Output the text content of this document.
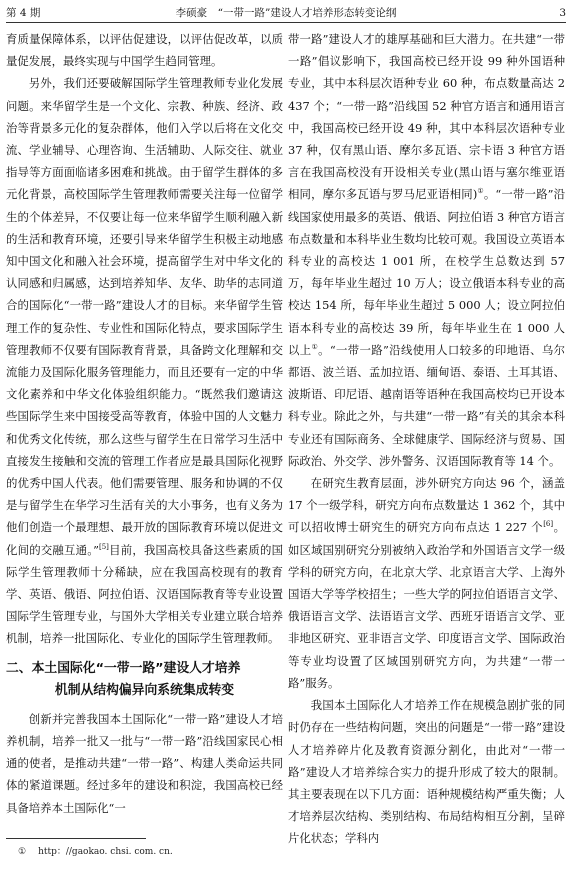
第 4 期	李硕豪　“一带一路”建设人才培养形态转变论纲	3

育质量保障体系，以评估促建设，以评估促改革，以质量促发展，最终实现与中国学生趋同管理。

另外，我们还要破解国际学生管理教师专业化发展问题。来华留学生是一个文化、宗教、种族、经济、政治等背景多元化的复杂群体，他们入学以后将在文化交流、学业辅导、心理咨询、生活辅助、人际交往、就业指导等方面面临诸多困难和挑战。由于留学生群体的多元化背景，高校国际学生管理教师需要关注每一位留学生的个体差异，不仅要让每一位来华留学生顺利融入新的生活和教育环境，还要引导来华留学生积极主动地感知中国文化和融入社会环境，提高留学生对中华文化的认同感和归属感，达到培养知华、友华、助华的志同道合的国际化“一带一路”建设人才的目标。来华留学生管理工作的复杂性、专业性和国际化特点，要求国际学生管理教师不仅要有国际教育背景，具备跨文化理解和交流能力及国际化服务管理能力，而且还要有一定的中华文化素养和中华文化体验组织能力。“既然我们邀请这些国际学生来中国接受高等教育，体验中国的人文魅力和优秀文化传统，那么这些与留学生在日常学习生活中直接发生接触和交流的管理工作者应是最具国际化视野的优秀中国人代表。他们需要管理、服务和协调的不仅是与留学生在华学习生活有关的大小事务，也有义务为他们创造一个最理想、最开放的国际教育环境以促进文化间的交融互通。”[5]目前，我国高校具备这些素质的国际学生管理教师十分稀缺，应在我国高校现有的教育学、英语、俄语、阿拉伯语、汉语国际教育等专业设置国际学生管理专业，与国外大学相关专业建立联合培养机制，培养一批国际化、专业化的国际学生管理教师。

二、本土国际化“一带一路”建设人才培养
机制从结构偏异向系统集成转变

创新并完善我国本土国际化“一带一路”建设人才培养机制，培养一批又一批与“一带一路”沿线国家民心相通的使者，是推动共建“一带一路”、构建人类命运共同体的紧道课题。经过多年的建设和积淀，我国高校已经具备培养本土国际化“一

带一路”建设人才的雄厚基础和巨大潜力。在共建“一带一路”倡议影响下，我国高校已经开设 99 种外国语种专业，其中本科层次语种专业 60 种，布点数量高达 2 437 个；“一带一路”沿线国 52 种官方语言和通用语言中，我国高校已经开设 49 种，其中本科层次语种专业 37 种，仅有黑山语、摩尔多瓦语、宗卡语 3 种官方语言在我国高校没有开设相关专业(黑山语与塞尔维亚语相同，摩尔多瓦语与罗马尼亚语相同)①。“一带一路”沿线国家使用最多的英语、俄语、阿拉伯语 3 种官方语言布点数量和本科毕业生数均比较可观。我国设立英语本科专业的高校达 1 001 所，在校学生总数达到 57 万，每年毕业生超过 10 万人；设立俄语本科专业的高校达 154 所，每年毕业生超过 5 000 人；设立阿拉伯语本科专业的高校达 39 所，每年毕业生在 1 000 人以上①。“一带一路”沿线使用人口较多的印地语、乌尔都语、波兰语、孟加拉语、缅甸语、泰语、土耳其语、波斯语、印尼语、越南语等语种在我国高校均已开设本科专业。除此之外，与共建“一带一路”有关的其余本科专业还有国际商务、全球健康学、国际经济与贸易、国际政治、外交学、涉外警务、汉语国际教育等 14 个。

在研究生教育层面，涉外研究方向达 96 个，涵盖 17 个一级学科，研究方向布点数量达 1 362 个，其中可以招收博士研究生的研究方向布点达 1 227 个[6]。如区域国别研究分别被纳入政治学和外国语言文学一级学科的研究方向，在北京大学、北京语言大学、上海外国语大学等学校招生；一些大学的阿拉伯语语言文学、俄语语言文学、法语语言文学、西班牙语语言文学、亚非地区研究、亚非语言文学、印度语言文学、国际政治等专业均设置了区域国别研究方向，为共建“一带一路”服务。

我国本土国际化人才培养工作在规模急剧扩张的同时仍存在一些结构问题，突出的问题是“一带一路”建设人才培养碎片化及教育资源分割化，由此对“一带一路”建设人才培养综合实力的提升形成了较大的限制。其主要表现在以下几方面：语种规模结构严重失衡；人才培养层次结构、类别结构、布局结构相互分割，呈碎片化状态；学科内

① http：//gaokao. chsi. com. cn.
